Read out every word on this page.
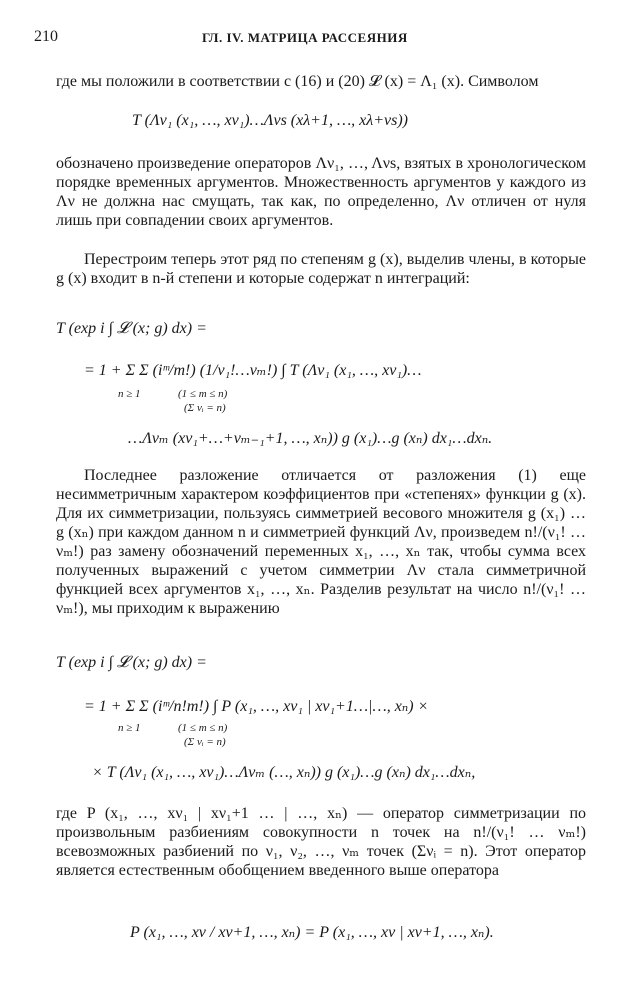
210	ГЛ. IV. МАТРИЦА РАССЕЯНИЯ
где мы положили в соответствии с (16) и (20) 𝓛 (x) = Λ₁ (x). Символом
T (Λν₁ (x₁, …, xν₁)…Λνs (xλ+1, …, xλ+νs))
обозначено произведение операторов Λν₁, …, Λνs, взятых в хронологическом порядке временных аргументов. Множественность аргументов у каждого из Λν не должна нас смущать, так как, по определенно, Λν отличен от нуля лишь при совпадении своих аргументов.
Перестроим теперь этот ряд по степеням g (x), выделив члены, в которые g (x) входит в n-й степени и которые содержат n интеграций:
T (exp i ∫ 𝓛 (x; g) dx) =
= 1 + Σ Σ (iᵐ/m!) (1/ν₁!…νₘ!) ∫ T (Λν₁ (x₁, …, xν₁)…
n ≥ 1	(1 ≤ m ≤ n)
(Σ νᵢ = n)
…Λνₘ (xν₁+…+νₘ₋₁+1, …, xₙ)) g (x₁)…g (xₙ) dx₁…dxₙ.
Последнее разложение отличается от разложения (1) еще несимметричным характером коэффициентов при «степенях» функции g (x). Для их симметризации, пользуясь симметрией весового множителя g (x₁) … g (xₙ) при каждом данном n и симметрией функций Λν, произведем n!/(ν₁! … νₘ!) раз замену обозначений переменных x₁, …, xₙ так, чтобы сумма всех полученных выражений с учетом симметрии Λν стала симметричной функцией всех аргументов x₁, …, xₙ. Разделив результат на число n!/(ν₁! … νₘ!), мы приходим к выражению
T (exp i ∫ 𝓛 (x; g) dx) =
= 1 + Σ Σ (iᵐ/n!m!) ∫ P (x₁, …, xν₁ | xν₁+1…|…, xₙ) ×
n ≥ 1	(1 ≤ m ≤ n)
(Σ νᵢ = n)
× T (Λν₁ (x₁, …, xν₁)…Λνₘ (…, xₙ)) g (x₁)…g (xₙ) dx₁…dxₙ,
где P (x₁, …, xν₁ | xν₁+1 … | …, xₙ) — оператор симметризации по произвольным разбиениям совокупности n точек на n!/(ν₁! … νₘ!) всевозможных разбиений по ν₁, ν₂, …, νₘ точек (Σνᵢ = n). Этот оператор является естественным обобщением введенного выше оператора
P (x₁, …, xν / xν+1, …, xₙ) = P (x₁, …, xν | xν+1, …, xₙ).
